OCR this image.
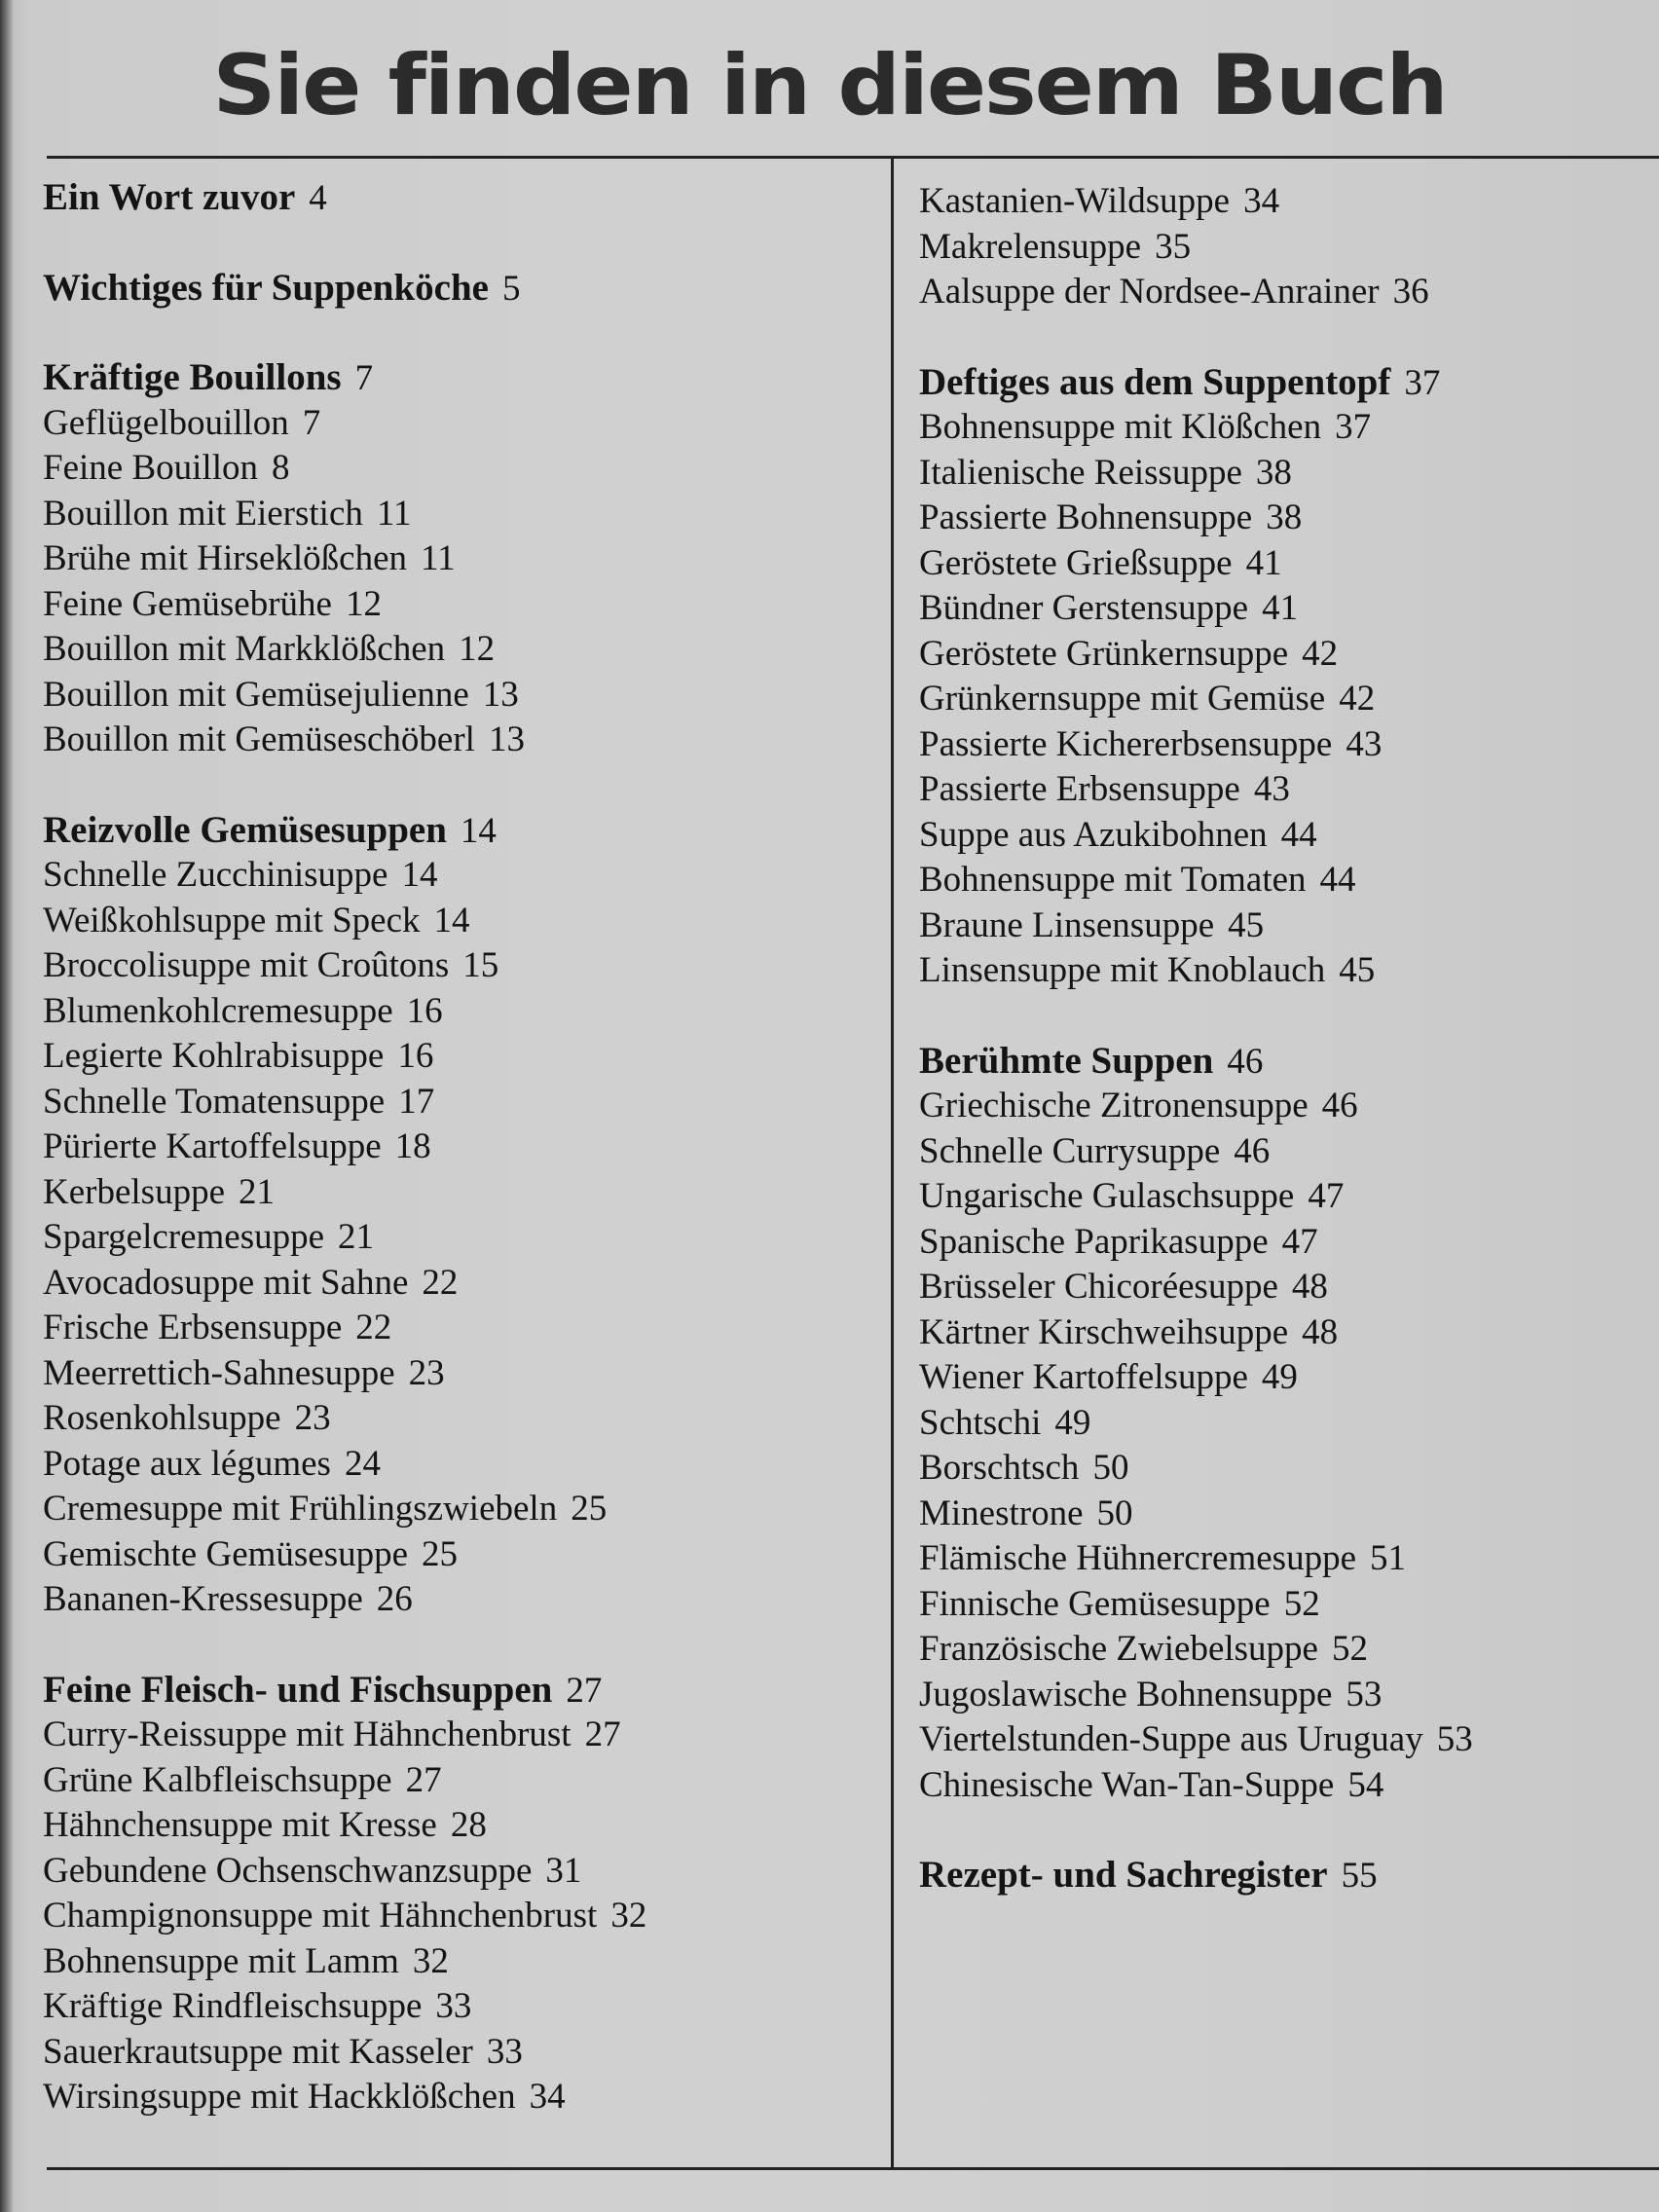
Sie finden in diesem Buch
Ein Wort zuvor 4
Wichtiges für Suppenköche 5
Kräftige Bouillons 7
Geflügelbouillon 7
Feine Bouillon 8
Bouillon mit Eierstich 11
Brühe mit Hirseklößchen 11
Feine Gemüsebrühe 12
Bouillon mit Markklößchen 12
Bouillon mit Gemüsejulienne 13
Bouillon mit Gemüseschöberl 13
Reizvolle Gemüsesuppen 14
Schnelle Zucchinisuppe 14
Weißkohlsuppe mit Speck 14
Broccolisuppe mit Croûtons 15
Blumenkohlcremesuppe 16
Legierte Kohlrabisuppe 16
Schnelle Tomatensuppe 17
Pürierte Kartoffelsuppe 18
Kerbelsuppe 21
Spargelcremesuppe 21
Avocadosuppe mit Sahne 22
Frische Erbsensuppe 22
Meerrettich-Sahnesuppe 23
Rosenkohlsuppe 23
Potage aux légumes 24
Cremesuppe mit Frühlingszwiebeln 25
Gemischte Gemüsesuppe 25
Bananen-Kressesuppe 26
Feine Fleisch- und Fischsuppen 27
Curry-Reissuppe mit Hähnchenbrust 27
Grüne Kalbfleischsuppe 27
Hähnchensuppe mit Kresse 28
Gebundene Ochsenschwanzsuppe 31
Champignonsuppe mit Hähnchenbrust 32
Bohnensuppe mit Lamm 32
Kräftige Rindfleischsuppe 33
Sauerkrautsuppe mit Kasseler 33
Wirsingsuppe mit Hackklößchen 34
Kastanien-Wildsuppe 34
Makrelensuppe 35
Aalsuppe der Nordsee-Anrainer 36
Deftiges aus dem Suppentopf 37
Bohnensuppe mit Klößchen 37
Italienische Reissuppe 38
Passierte Bohnensuppe 38
Geröstete Grießsuppe 41
Bündner Gerstensuppe 41
Geröstete Grünkernsuppe 42
Grünkernsuppe mit Gemüse 42
Passierte Kichererbsensuppe 43
Passierte Erbsensuppe 43
Suppe aus Azukibohnen 44
Bohnensuppe mit Tomaten 44
Braune Linsensuppe 45
Linsensuppe mit Knoblauch 45
Berühmte Suppen 46
Griechische Zitronensuppe 46
Schnelle Currysuppe 46
Ungarische Gulaschsuppe 47
Spanische Paprikasuppe 47
Brüsseler Chicoréesuppe 48
Kärtner Kirschweihsuppe 48
Wiener Kartoffelsuppe 49
Schtschi 49
Borschtsch 50
Minestrone 50
Flämische Hühnercremesuppe 51
Finnische Gemüsesuppe 52
Französische Zwiebelsuppe 52
Jugoslawische Bohnensuppe 53
Viertelstunden-Suppe aus Uruguay 53
Chinesische Wan-Tan-Suppe 54
Rezept- und Sachregister 55
